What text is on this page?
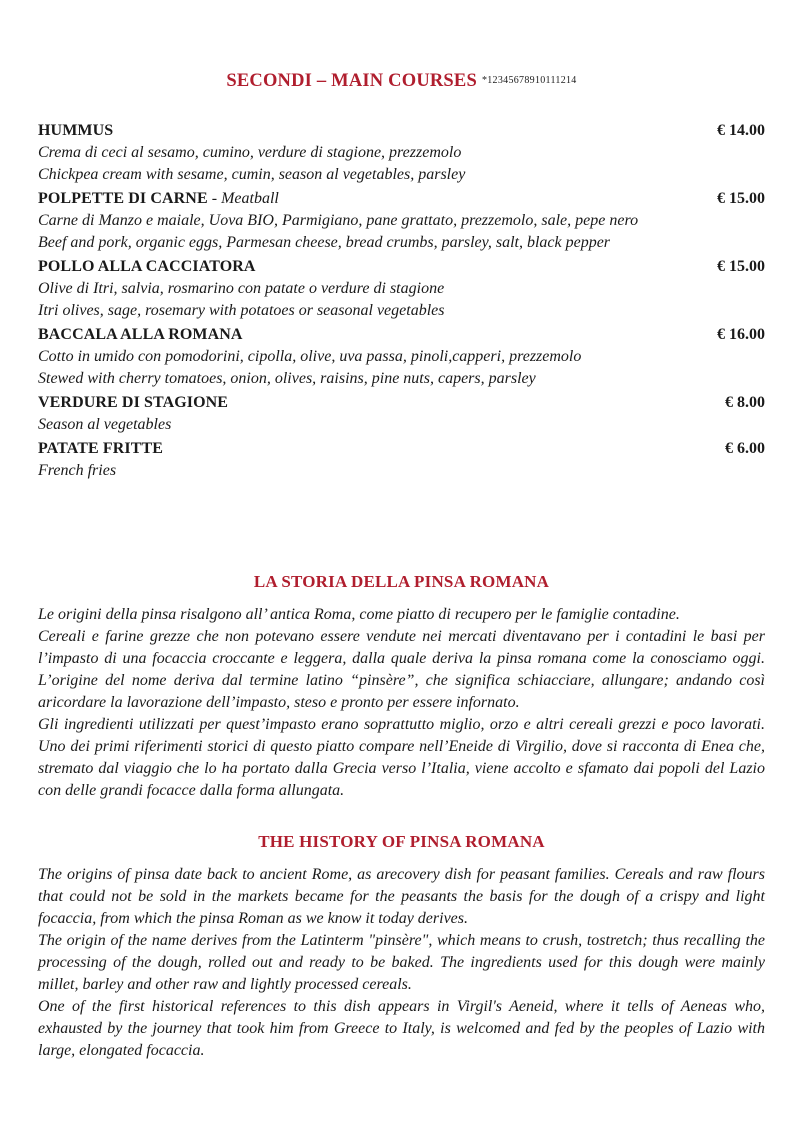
SECONDI – MAIN COURSES *12345678910111214
HUMMUS	€ 14.00
Crema di ceci al sesamo, cumino, verdure di stagione, prezzemolo
Chickpea cream with sesame, cumin, season al vegetables, parsley
POLPETTE DI CARNE - Meatball	€ 15.00
Carne di Manzo e maiale, Uova BIO, Parmigiano, pane grattato, prezzemolo, sale, pepe nero
Beef and pork, organic eggs, Parmesan cheese, bread crumbs, parsley, salt, black pepper
POLLO ALLA CACCIATORA	€ 15.00
Olive di Itri, salvia, rosmarino con patate o verdure di stagione
Itri olives, sage, rosemary with potatoes or seasonal vegetables
BACCALA ALLA ROMANA	€ 16.00
Cotto in umido con pomodorini, cipolla, olive, uva passa, pinoli,capperi, prezzemolo
Stewed with cherry tomatoes, onion, olives, raisins, pine nuts, capers, parsley
VERDURE DI STAGIONE	€ 8.00
Season al vegetables
PATATE FRITTE	€ 6.00
French fries
LA STORIA DELLA PINSA ROMANA

Le origini della pinsa risalgono all’ antica Roma, come piatto di recupero per le famiglie contadine.

Cereali e farine grezze che non potevano essere vendute nei mercati diventavano per i contadini le basi per l’impasto di una focaccia croccante e leggera, dalla quale deriva la pinsa romana come la conosciamo oggi. L’origine del nome deriva dal termine latino “pinsère”, che significa schiacciare, allungare; andando così aricordare la lavorazione dell’impasto, steso e pronto per essere infornato.

Gli ingredienti utilizzati per quest’impasto erano soprattutto miglio, orzo e altri cereali grezzi e poco lavorati. Uno dei primi riferimenti storici di questo piatto compare nell’Eneide di Virgilio, dove si racconta di Enea che, stremato dal viaggio che lo ha portato dalla Grecia verso l’Italia, viene accolto e sfamato dai popoli del Lazio con delle grandi focacce dalla forma allungata.

THE HISTORY OF PINSA ROMANA

The origins of pinsa date back to ancient Rome, as arecovery dish for peasant families. Cereals and raw flours that could not be sold in the markets became for the peasants the basis for the dough of a crispy and light focaccia, from which the pinsa Roman as we know it today derives.

The origin of the name derives from the Latinterm "pinsère", which means to crush, tostretch; thus recalling the processing of the dough, rolled out and ready to be baked. The ingredients used for this dough were mainly millet, barley and other raw and lightly processed cereals.

One of the first historical references to this dish appears in Virgil's Aeneid, where it tells of Aeneas who, exhausted by the journey that took him from Greece to Italy, is welcomed and fed by the peoples of Lazio with large, elongated focaccia.
